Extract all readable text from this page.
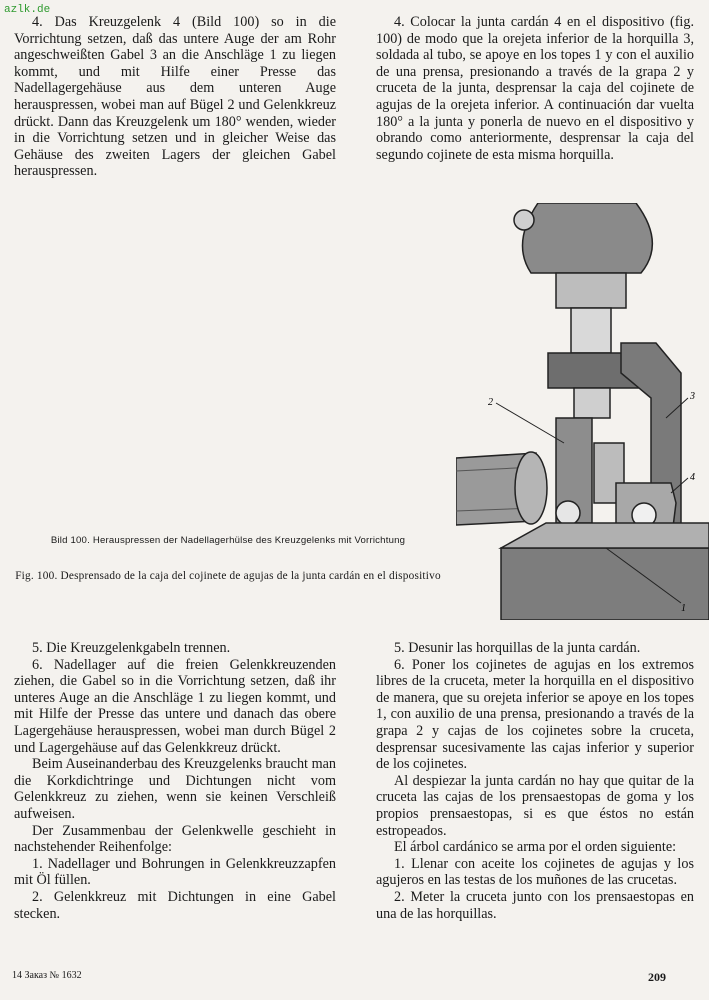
azlk.de

4. Das Kreuzgelenk 4 (Bild 100) so in die Vorrichtung setzen, daß das untere Auge der am Rohr angeschweißten Gabel 3 an die Anschläge 1 zu liegen kommt, und mit Hilfe einer Presse das Nadellagergehäuse aus dem unteren Auge herauspressen, wobei man auf Bügel 2 und Gelenkkreuz drückt. Dann das Kreuzgelenk um 180° wenden, wieder in die Vorrichtung setzen und in gleicher Weise das Gehäuse des zweiten Lagers der gleichen Gabel herauspressen.

4. Colocar la junta cardán 4 en el dispositivo (fig. 100) de modo que la orejeta inferior de la horquilla 3, soldada al tubo, se apoye en los topes 1 y con el auxilio de una prensa, presionando a través de la grapa 2 y cruceta de la junta, desprensar la caja del cojinete de agujas de la orejeta inferior. A continuación dar vuelta 180° a la junta y ponerla de nuevo en el dispositivo y obrando como anteriormente, desprensar la caja del segundo cojinete de esta misma horquilla.

2
3
4
1
Bild 100. Herauspressen der Nadellagerhülse des Kreuzgelenks mit Vorrichtung
Fig. 100. Desprensado de la caja del cojinete de agujas de la junta cardán en el dispositivo

5. Die Kreuzgelenkgabeln trennen.

6. Nadellager auf die freien Gelenkkreuzenden ziehen, die Gabel so in die Vorrichtung setzen, daß ihr unteres Auge an die Anschläge 1 zu liegen kommt, und mit Hilfe der Presse das untere und danach das obere Lagergehäuse herauspressen, wobei man durch Bügel 2 und Lagergehäuse auf das Gelenkkreuz drückt.

Beim Auseinanderbau des Kreuzgelenks braucht man die Korkdichtringe und Dichtungen nicht vom Gelenkkreuz zu ziehen, wenn sie keinen Verschleiß aufweisen.

Der Zusammenbau der Gelenkwelle geschieht in nachstehender Reihenfolge:

1. Nadellager und Bohrungen in Gelenkkreuzzapfen mit Öl füllen.

2. Gelenkkreuz mit Dichtungen in eine Gabel stecken.

5. Desunir las horquillas de la junta cardán.

6. Poner los cojinetes de agujas en los extremos libres de la cruceta, meter la horquilla en el dispositivo de manera, que su orejeta inferior se apoye en los topes 1, con auxilio de una prensa, presionando a través de la grapa 2 y cajas de los cojinetes sobre la cruceta, desprensar sucesivamente las cajas inferior y superior de los cojinetes.

Al despiezar la junta cardán no hay que quitar de la cruceta las cajas de los prensaestopas de goma y los propios prensaestopas, si es que éstos no están estropeados.

El árbol cardánico se arma por el orden siguiente:

1. Llenar con aceite los cojinetes de agujas y los agujeros en las testas de los muñones de las crucetas.

2. Meter la cruceta junto con los prensaestopas en una de las horquillas.

14 Заказ № 1632	209
